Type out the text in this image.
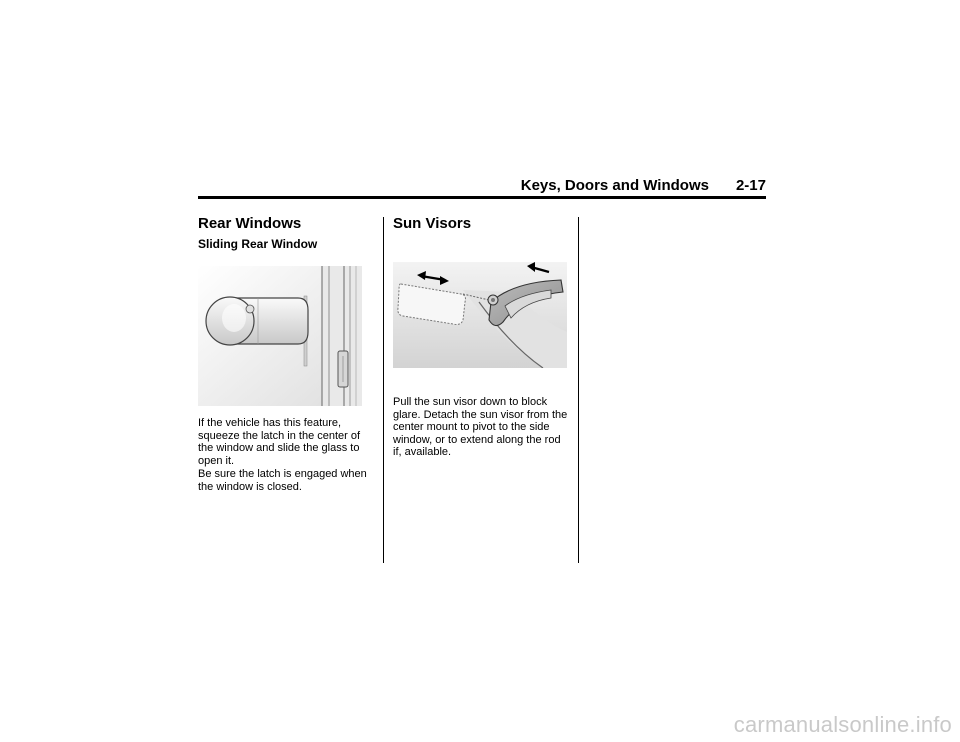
Keys, Doors and Windows 2-17
Rear Windows
Sliding Rear Window

If the vehicle has this feature, squeeze the latch in the center of the window and slide the glass to open it.

Be sure the latch is engaged when the window is closed.

Sun Visors

Pull the sun visor down to block glare. Detach the sun visor from the center mount to pivot to the side window, or to extend along the rod if, available.

carmanualsonline.info
